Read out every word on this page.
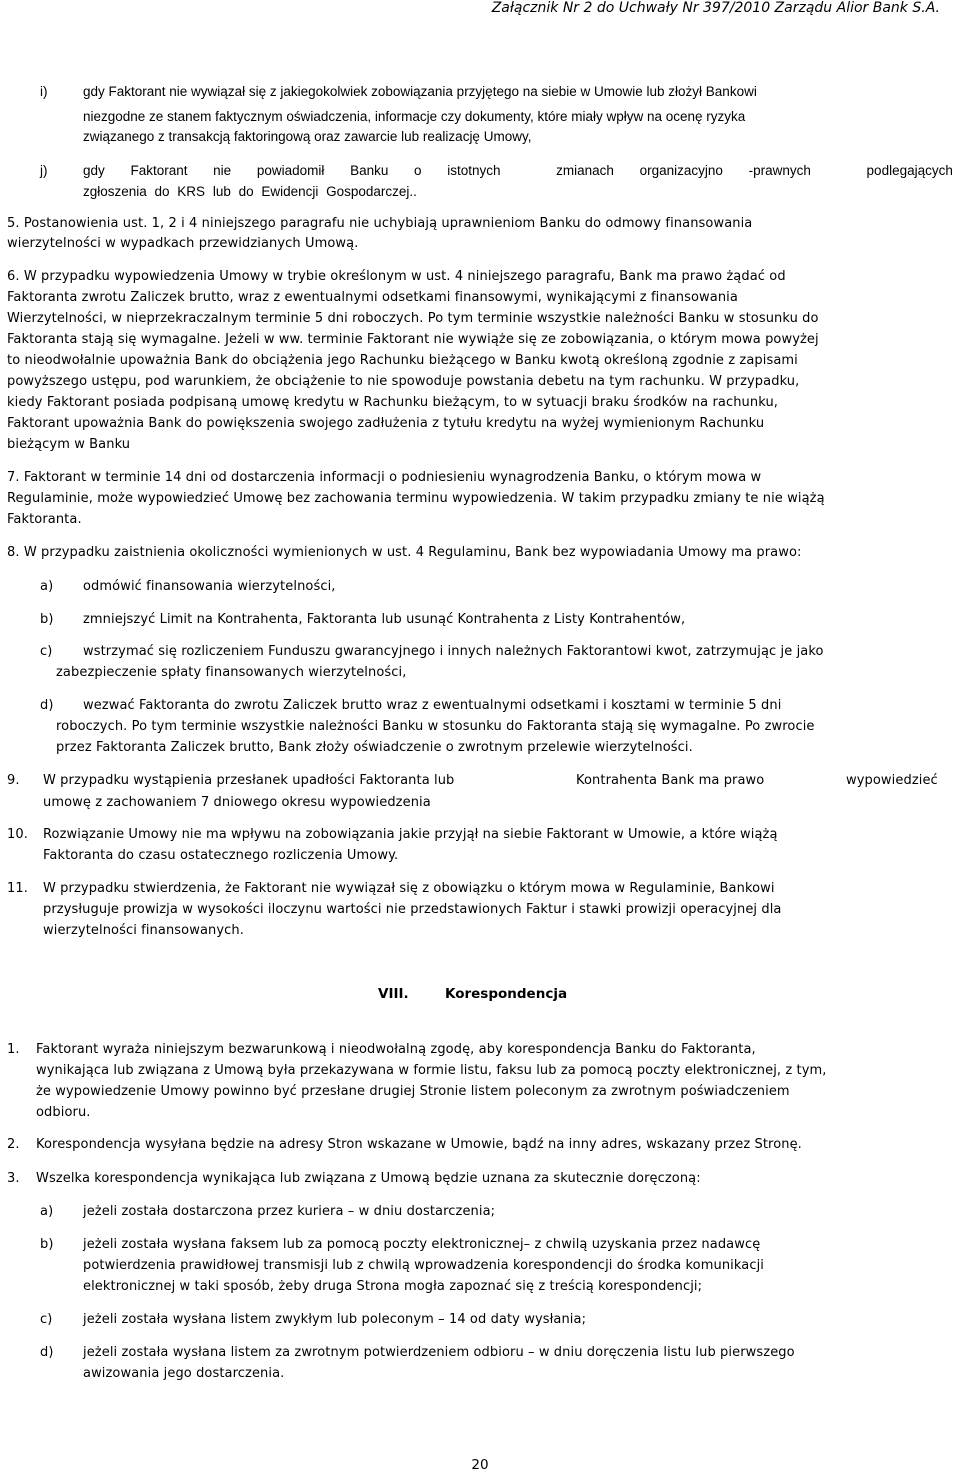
Załącznik Nr 2 do Uchwały Nr 397/2010 Zarządu Alior Bank S.A.
i)	gdy Faktorant nie wywiązał się z jakiegokolwiek zobowiązania przyjętego na siebie w Umowie lub złożył Bankowi
niezgodne ze stanem faktycznym oświadczenia, informacje czy dokumenty, które miały wpływ na ocenę ryzyka
związanego z transakcją faktoringową oraz zawarcie lub realizację Umowy,
j)	gdy Faktorant nie powiadomił Banku o istotnych	zmianach organizacyjno -prawnych	podlegających
zgłoszenia do KRS lub do Ewidencji Gospodarczej..
5. Postanowienia ust. 1, 2 i 4 niniejszego paragrafu nie uchybiają uprawnieniom Banku do odmowy finansowania
wierzytelności w wypadkach przewidzianych Umową.
6. W przypadku wypowiedzenia Umowy w trybie określonym w ust. 4 niniejszego paragrafu, Bank ma prawo żądać od
Faktoranta zwrotu Zaliczek brutto, wraz z ewentualnymi odsetkami finansowymi, wynikającymi z finansowania
Wierzytelności, w nieprzekraczalnym terminie 5 dni roboczych. Po tym terminie wszystkie należności Banku w stosunku do
Faktoranta stają się wymagalne. Jeżeli w ww. terminie Faktorant nie wywiąże się ze zobowiązania, o którym mowa powyżej
to nieodwołalnie upoważnia Bank do obciążenia jego Rachunku bieżącego w Banku kwotą określoną zgodnie z zapisami
powyższego ustępu, pod warunkiem, że obciążenie to nie spowoduje powstania debetu na tym rachunku. W przypadku,
kiedy Faktorant posiada podpisaną umowę kredytu w Rachunku bieżącym, to w sytuacji braku środków na rachunku,
Faktorant upoważnia Bank do powiększenia swojego zadłużenia z tytułu kredytu na wyżej wymienionym Rachunku
bieżącym w Banku
7. Faktorant w terminie 14 dni od dostarczenia informacji o podniesieniu wynagrodzenia Banku, o którym mowa w
Regulaminie, może wypowiedzieć Umowę bez zachowania terminu wypowiedzenia. W takim przypadku zmiany te nie wiążą
Faktoranta.
8. W przypadku zaistnienia okoliczności wymienionych w ust. 4 Regulaminu, Bank bez wypowiadania Umowy ma prawo:
a) odmówić finansowania wierzytelności,
b) zmniejszyć Limit na Kontrahenta, Faktoranta lub usunąć Kontrahenta z Listy Kontrahentów,
c) wstrzymać się rozliczeniem Funduszu gwarancyjnego i innych należnych Faktorantowi kwot, zatrzymując je jako
zabezpieczenie spłaty finansowanych wierzytelności,
d) wezwać Faktoranta do zwrotu Zaliczek brutto wraz z ewentualnymi odsetkami i kosztami w terminie 5 dni
roboczych. Po tym terminie wszystkie należności Banku w stosunku do Faktoranta stają się wymagalne. Po zwrocie
przez Faktoranta Zaliczek brutto, Bank złoży oświadczenie o zwrotnym przelewie wierzytelności.
9. W przypadku wystąpienia przesłanek upadłości Faktoranta lub	Kontrahenta Bank ma prawo	wypowiedzieć
umowę z zachowaniem 7 dniowego okresu wypowiedzenia
10. Rozwiązanie Umowy nie ma wpływu na zobowiązania jakie przyjął na siebie Faktorant w Umowie, a które wiążą
Faktoranta do czasu ostatecznego rozliczenia Umowy.
11. W przypadku stwierdzenia, że Faktorant nie wywiązał się z obowiązku o którym mowa w Regulaminie, Bankowi
przysługuje prowizja w wysokości iloczynu wartości nie przedstawionych Faktur i stawki prowizji operacyjnej dla
wierzytelności finansowanych.
VIII.	Korespondencja
1. Faktorant wyraża niniejszym bezwarunkową i nieodwołalną zgodę, aby korespondencja Banku do Faktoranta,
wynikająca lub związana z Umową była przekazywana w formie listu, faksu lub za pomocą poczty elektronicznej, z tym,
że wypowiedzenie Umowy powinno być przesłane drugiej Stronie listem poleconym za zwrotnym poświadczeniem
odbioru.
2. Korespondencja wysyłana będzie na adresy Stron wskazane w Umowie, bądź na inny adres, wskazany przez Stronę.
3. Wszelka korespondencja wynikająca lub związana z Umową będzie uznana za skutecznie doręczoną:
a) jeżeli została dostarczona przez kuriera – w dniu dostarczenia;
b) jeżeli została wysłana faksem lub za pomocą poczty elektronicznej– z chwilą uzyskania przez nadawcę
potwierdzenia prawidłowej transmisji lub z chwilą wprowadzenia korespondencji do środka komunikacji
elektronicznej w taki sposób, żeby druga Strona mogła zapoznać się z treścią korespondencji;
c) jeżeli została wysłana listem zwykłym lub poleconym – 14 od daty wysłania;
d) jeżeli została wysłana listem za zwrotnym potwierdzeniem odbioru – w dniu doręczenia listu lub pierwszego
awizowania jego dostarczenia.
20
